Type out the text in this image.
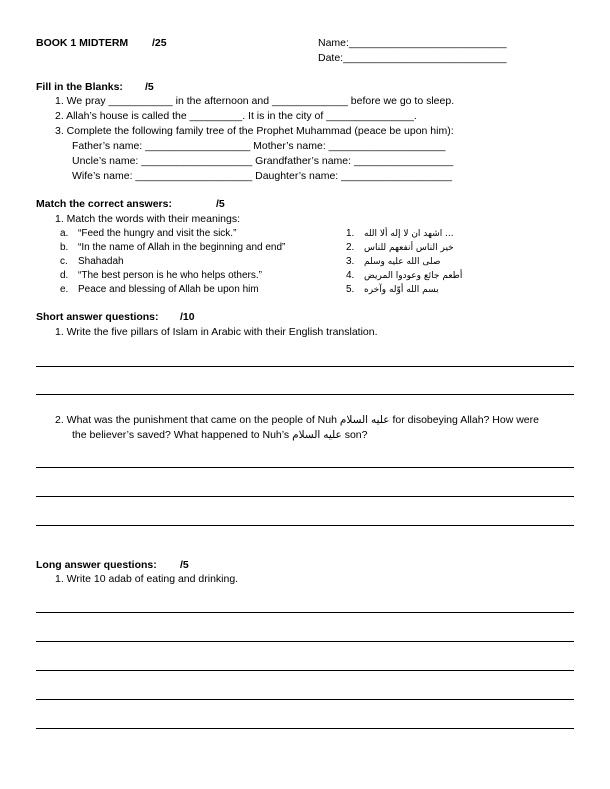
BOOK 1 MIDTERM /25	Name:___________________________
Date:____________________________
Fill in the Blanks: /5
1. We pray ___________ in the afternoon and _____________ before we go to sleep.
2. Allah’s house is called the _________. It is in the city of _______________.
3. Complete the following family tree of the Prophet Muhammad (peace be upon him):
Father’s name: __________________ Mother’s name: ____________________
Uncle’s name: ___________________ Grandfather’s name: _________________
Wife’s name: ____________________ Daughter’s name: ___________________
Match the correct answers:	/5
1. Match the words with their meanings:
a. “Feed the hungry and visit the sick.”
b. “In the name of Allah in the beginning and end”
c. Shahadah
d. “The best person is he who helps others.”
e. Peace and blessing of Allah be upon him
1. ... اشهد ان لا إله ألا الله
2. خير الناس أنفعهم للناس
3. صلى الله عليه وسلم
4. أطعم جائع وعودوا المريض
5. بسم الله أوّله وآخره
Short answer questions: /10
1. Write the five pillars of Islam in Arabic with their English translation.
2. What was the punishment that came on the people of Nuh عليه السلام for disobeying Allah? How were
the believer’s saved? What happened to Nuh’s عليه السلام son?
Long answer questions: /5
1. Write 10 adab of eating and drinking.
